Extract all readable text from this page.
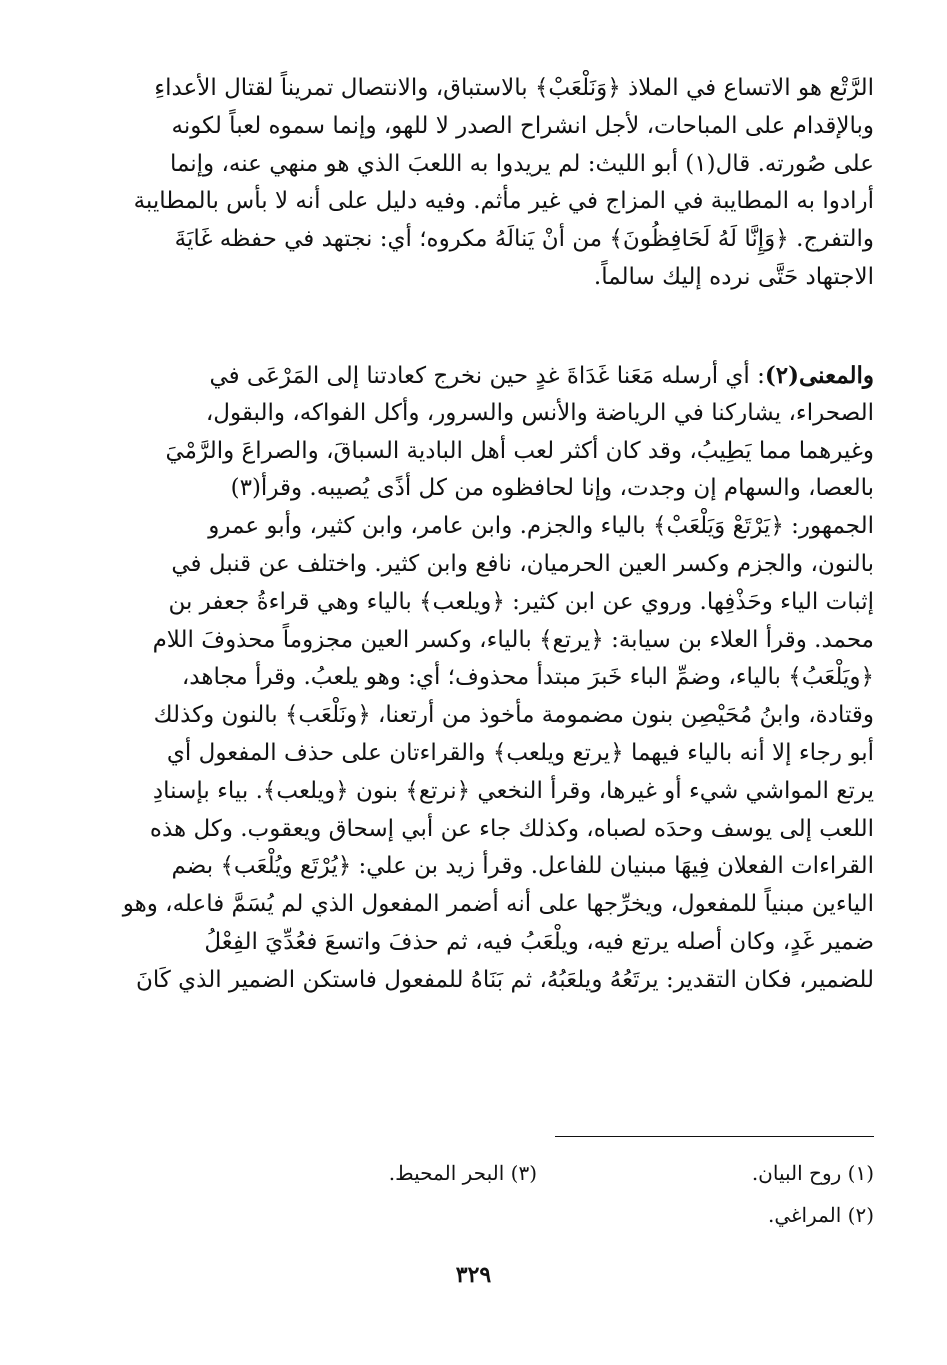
الرَّتْع هو الاتساع في الملاذ ﴿وَنَلْعَبْ﴾ بالاستباق، والانتصال تمريناً لقتال الأعداءِ
وبالإقدام على المباحات، لأجل انشراح الصدر لا للهو، وإنما سموه لعباً لكونه
على صُورته. قال(١) أبو الليث: لم يريدوا به اللعبَ الذي هو منهي عنه، وإنما
أرادوا به المطايبة في المزاج في غير مأثم. وفيه دليل على أنه لا بأس بالمطايبة
والتفرج. ﴿وَإِنَّا لَهُ لَحَافِظُونَ﴾ من أنْ يَنالَهُ مكروه؛ أي: نجتهد في حفظه غَايَةَ
الاجتهاد حَتَّى نرده إليك سالماً.
والمعنى(٢): أي أرسله مَعَنا غَدَاةَ غدٍ حين نخرج كعادتنا إلى المَرْعَى في
الصحراء، يشاركنا في الرياضة والأنس والسرور، وأكل الفواكه، والبقول،
وغيرهما مما يَطِيبُ، وقد كان أكثر لعب أهل البادية السباقَ، والصراعَ والرَّمْيَ
بالعصا، والسهام إن وجدت، وإنا لحافظوه من كل أذًى يُصيبه. وقرأ(٣)
الجمهور: ﴿يَرْتَعْ وَيَلْعَبْ﴾ بالياء والجزم. وابن عامر، وابن كثير، وأبو عمرو
بالنون، والجزم وكسر العين الحرميان، نافع وابن كثير. واختلف عن قنبل في
إثبات الياء وحَذْفِها. وروي عن ابن كثير: ﴿ويلعب﴾ بالياء وهي قراءةُ جعفر بن
محمد. وقرأ العلاء بن سيابة: ﴿يرتع﴾ بالياء، وكسر العين مجزوماً محذوفَ اللام
﴿ويَلْعَبُ﴾ بالياء، وضمِّ الباء خَبرَ مبتدأ محذوف؛ أي: وهو يلعبُ. وقرأ مجاهد،
وقتادة، وابنُ مُحَيْصِن بنون مضمومة مأخوذ من أرتعنا، ﴿ونَلْعَب﴾ بالنون وكذلك
أبو رجاء إلا أنه بالياء فيهما ﴿يرتع ويلعب﴾ والقراءتان على حذف المفعول أي
يرتع المواشي شيء أو غيرها، وقرأ النخعي ﴿نرتع﴾ بنون ﴿ويلعب﴾. بياء بإسنادِ
اللعب إلى يوسف وحدَه لصباه، وكذلك جاء عن أبي إسحاق ويعقوب. وكل هذه
القراءات الفعلان فِيهَا مبنيان للفاعل. وقرأ زيد بن علي: ﴿يُرْتَع ويُلْعَب﴾ بضم
الياءين مبنياً للمفعول، ويخرِّجها على أنه أضمر المفعول الذي لم يُسَمَّ فاعله، وهو
ضمير غَدٍ، وكان أصله يرتع فيه، ويلْعَبُ فيه، ثم حذفَ واتسعَ فعُدِّيَ الفِعْلُ
للضمير، فكان التقدير: يرتَعُهُ ويلعَبُهُ، ثم بَنَاهُ للمفعول فاستكن الضمير الذي كَانَ
(١) روح البيان.
(٣) البحر المحيط.
(٢) المراغي.
٣٢٩
